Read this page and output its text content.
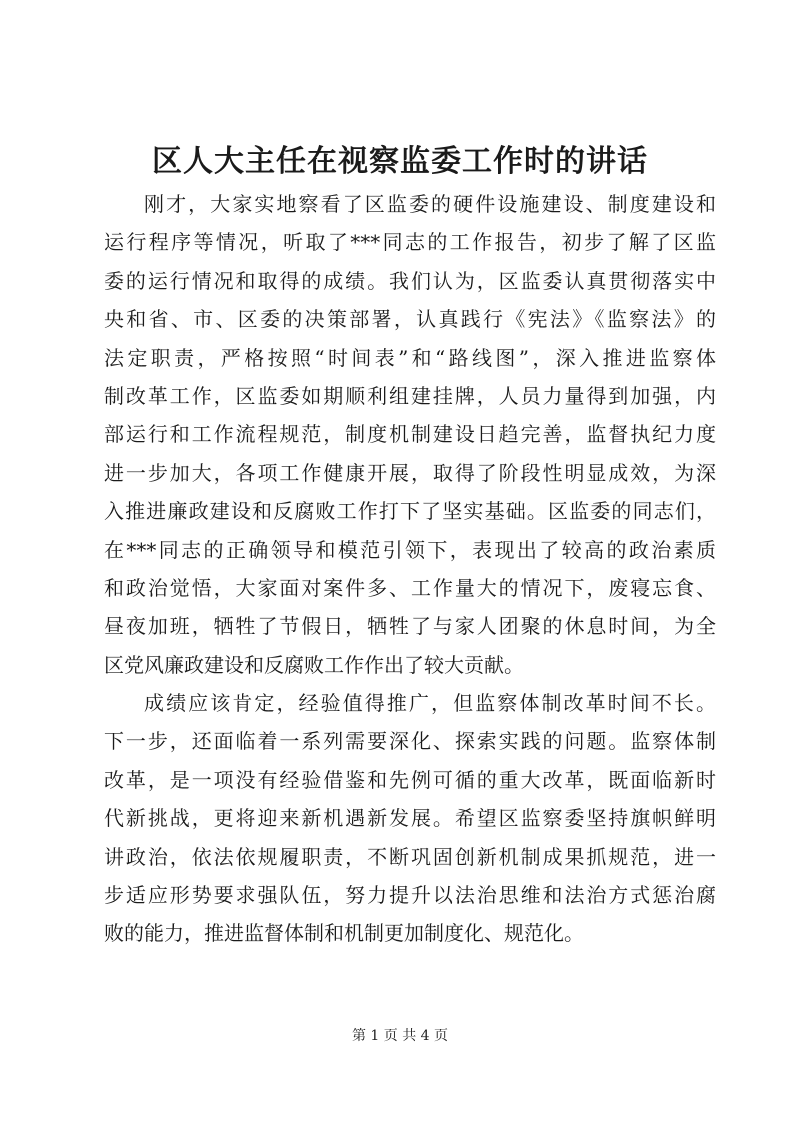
区人大主任在视察监委工作时的讲话
刚才，大家实地察看了区监委的硬件设施建设、制度建设和
运行程序等情况，听取了***同志的工作报告，初步了解了区监
委的运行情况和取得的成绩。我们认为，区监委认真贯彻落实中
央和省、市、区委的决策部署，认真践行《宪法》《监察法》的
法定职责，严格按照“时间表”和“路线图”，深入推进监察体
制改革工作，区监委如期顺利组建挂牌，人员力量得到加强，内
部运行和工作流程规范，制度机制建设日趋完善，监督执纪力度
进一步加大，各项工作健康开展，取得了阶段性明显成效，为深
入推进廉政建设和反腐败工作打下了坚实基础。区监委的同志们，
在***同志的正确领导和模范引领下，表现出了较高的政治素质
和政治觉悟，大家面对案件多、工作量大的情况下，废寝忘食、
昼夜加班，牺牲了节假日，牺牲了与家人团聚的休息时间，为全
区党风廉政建设和反腐败工作作出了较大贡献。
成绩应该肯定，经验值得推广，但监察体制改革时间不长。
下一步，还面临着一系列需要深化、探索实践的问题。监察体制
改革，是一项没有经验借鉴和先例可循的重大改革，既面临新时
代新挑战，更将迎来新机遇新发展。希望区监察委坚持旗帜鲜明
讲政治，依法依规履职责，不断巩固创新机制成果抓规范，进一
步适应形势要求强队伍，努力提升以法治思维和法治方式惩治腐
败的能力，推进监督体制和机制更加制度化、规范化。
第 1 页 共 4 页
